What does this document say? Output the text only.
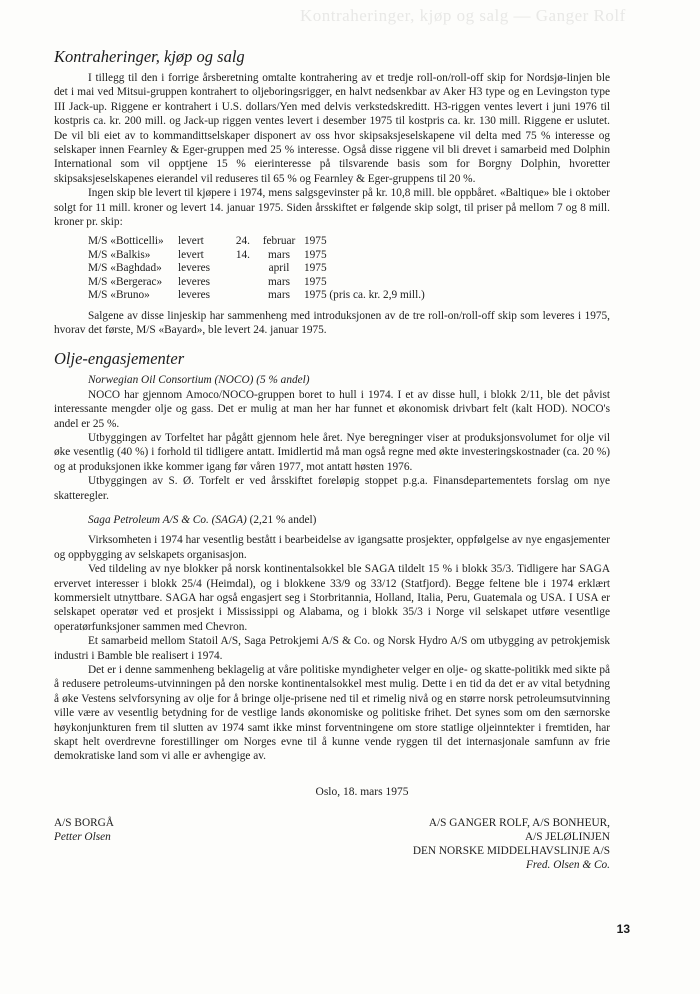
Kontraheringer, kjøp og salg — Ganger Rolf
Kontraheringer, kjøp og salg

I tillegg til den i forrige årsberetning omtalte kontrahering av et tredje roll-on/roll-off skip for Nordsjø-linjen ble det i mai ved Mitsui-gruppen kontrahert to oljeboringsrigger, en halvt nedsenkbar av Aker H3 type og en Levingston type III Jack-up. Riggene er kontrahert i U.S. dollars/Yen med delvis verkstedskreditt. H3-riggen ventes levert i juni 1976 til kostpris ca. kr. 200 mill. og Jack-up riggen ventes levert i desember 1975 til kostpris ca. kr. 130 mill. Riggene er uslutet. De vil bli eiet av to kommandittselskaper disponert av oss hvor skipsaksjeselskapene vil delta med 75 % interesse og selskaper innen Fearnley & Eger-gruppen med 25 % interesse. Også disse riggene vil bli drevet i samarbeid med Dolphin International som vil opptjene 15 % eierinteresse på tilsvarende basis som for Borgny Dolphin, hvoretter skipsaksjeselskapenes eierandel vil reduseres til 65 % og Fearnley & Eger-gruppens til 20 %.

Ingen skip ble levert til kjøpere i 1974, mens salgsgevinster på kr. 10,8 mill. ble oppbåret. «Baltique» ble i oktober solgt for 11 mill. kroner og levert 14. januar 1975. Siden årsskiftet er følgende skip solgt, til priser på mellom 7 og 8 mill. kroner pr. skip:

M/S «Botticelli»	levert	24.	februar	1975
M/S «Balkis»	levert	14.	mars	1975
M/S «Baghdad»	leveres		april	1975
M/S «Bergerac»	leveres		mars	1975
M/S «Bruno»	leveres		mars	1975 (pris ca. kr. 2,9 mill.)

Salgene av disse linjeskip har sammenheng med introduksjonen av de tre roll-on/roll-off skip som leveres i 1975, hvorav det første, M/S «Bayard», ble levert 24. januar 1975.

Olje-engasjementer
Norwegian Oil Consortium (NOCO) (5 % andel)

NOCO har gjennom Amoco/NOCO-gruppen boret to hull i 1974. I et av disse hull, i blokk 2/11, ble det påvist interessante mengder olje og gass. Det er mulig at man her har funnet et økonomisk drivbart felt (kalt HOD). NOCO's andel er 25 %.

Utbyggingen av Torfeltet har pågått gjennom hele året. Nye beregninger viser at produksjonsvolumet for olje vil øke vesentlig (40 %) i forhold til tidligere antatt. Imidlertid må man også regne med økte investeringskostnader (ca. 20 %) og at produksjonen ikke kommer igang før våren 1977, mot antatt høsten 1976.

Utbyggingen av S. Ø. Torfelt er ved årsskiftet foreløpig stoppet p.g.a. Finansdepartementets forslag om nye skatteregler.

Saga Petroleum A/S & Co. (SAGA) (2,21 % andel)

Virksomheten i 1974 har vesentlig bestått i bearbeidelse av igangsatte prosjekter, oppfølgelse av nye engasjementer og oppbygging av selskapets organisasjon.

Ved tildeling av nye blokker på norsk kontinentalsokkel ble SAGA tildelt 15 % i blokk 35/3. Tidligere har SAGA ervervet interesser i blokk 25/4 (Heimdal), og i blokkene 33/9 og 33/12 (Statfjord). Begge feltene ble i 1974 erklært kommersielt utnyttbare. SAGA har også engasjert seg i Storbritannia, Holland, Italia, Peru, Guatemala og USA. I USA er selskapet operatør ved et prosjekt i Mississippi og Alabama, og i blokk 35/3 i Norge vil selskapet utføre vesentlige operatørfunksjoner sammen med Chevron.

Et samarbeid mellom Statoil A/S, Saga Petrokjemi A/S & Co. og Norsk Hydro A/S om utbygging av petrokjemisk industri i Bamble ble realisert i 1974.

Det er i denne sammenheng beklagelig at våre politiske myndigheter velger en olje- og skatte-politikk med sikte på å redusere petroleums-utvinningen på den norske kontinentalsokkel mest mulig. Dette i en tid da det er av vital betydning å øke Vestens selvforsyning av olje for å bringe olje-prisene ned til et rimelig nivå og en større norsk petroleumsutvinning ville være av vesentlig betydning for de vestlige lands økonomiske og politiske frihet. Det synes som om den særnorske høykonjunkturen frem til slutten av 1974 samt ikke minst forventningene om store statlige oljeinntekter i fremtiden, har skapt helt overdrevne forestillinger om Norges evne til å kunne vende ryggen til det internasjonale samfunn av frie demokratiske land som vi alle er avhengige av.

Oslo, 18. mars 1975
A/S BORGÅ
Petter Olsen
A/S GANGER ROLF, A/S BONHEUR,
A/S JELØLINJEN
DEN NORSKE MIDDELHAVSLINJE A/S
Fred. Olsen & Co.
13
